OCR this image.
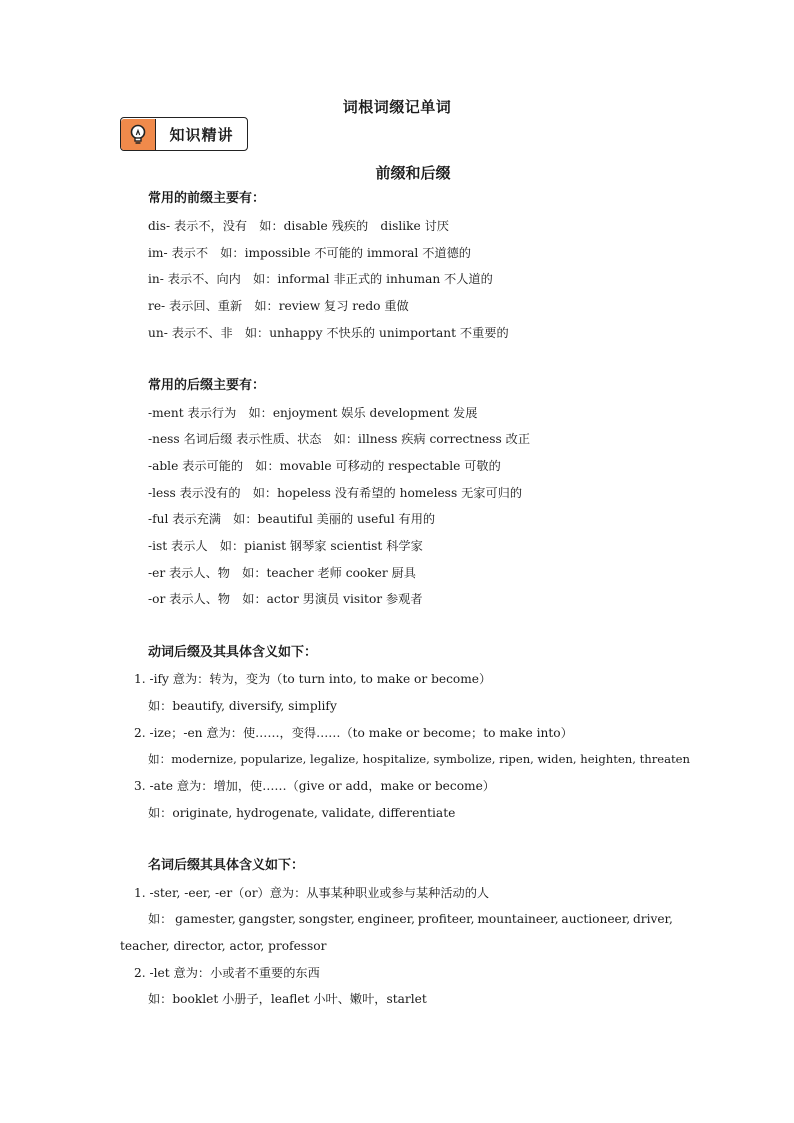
词根词缀记单词
知识精讲
前缀和后缀
常用的前缀主要有：
dis- 表示不，没有　如：disable 残疾的　dislike 讨厌
im- 表示不　如：impossible 不可能的 immoral 不道德的
in- 表示不、向内　如：informal 非正式的 inhuman 不人道的
re- 表示回、重新　如：review 复习 redo 重做
un- 表示不、非　如：unhappy 不快乐的 unimportant 不重要的
常用的后缀主要有：
-ment 表示行为　如：enjoyment 娱乐 development 发展
-ness 名词后缀 表示性质、状态　如：illness 疾病 correctness 改正
-able 表示可能的　如：movable 可移动的 respectable 可敬的
-less 表示没有的　如：hopeless 没有希望的 homeless 无家可归的
-ful 表示充满　如：beautiful 美丽的 useful 有用的
-ist 表示人　如：pianist 钢琴家 scientist 科学家
-er 表示人、物　如：teacher 老师 cooker 厨具
-or 表示人、物　如：actor 男演员 visitor 参观者
动词后缀及其具体含义如下：
1. -ify 意为：转为，变为（to turn into, to make or become）
如：beautify, diversify, simplify
2. -ize；-en 意为：使……，变得……（to make or become；to make into）
如：modernize, popularize, legalize, hospitalize, symbolize, ripen, widen, heighten, threaten
3. -ate 意为：增加，使……（give or add，make or become）
如：originate, hydrogenate, validate, differentiate
名词后缀其具体含义如下：
1. -ster, -eer, -er（or）意为：从事某种职业或参与某种活动的人
如： gamester, gangster, songster, engineer, profiteer, mountaineer, auctioneer, driver,
teacher, director, actor, professor
2. -let 意为：小或者不重要的东西
如：booklet 小册子，leaflet 小叶、嫩叶，starlet
